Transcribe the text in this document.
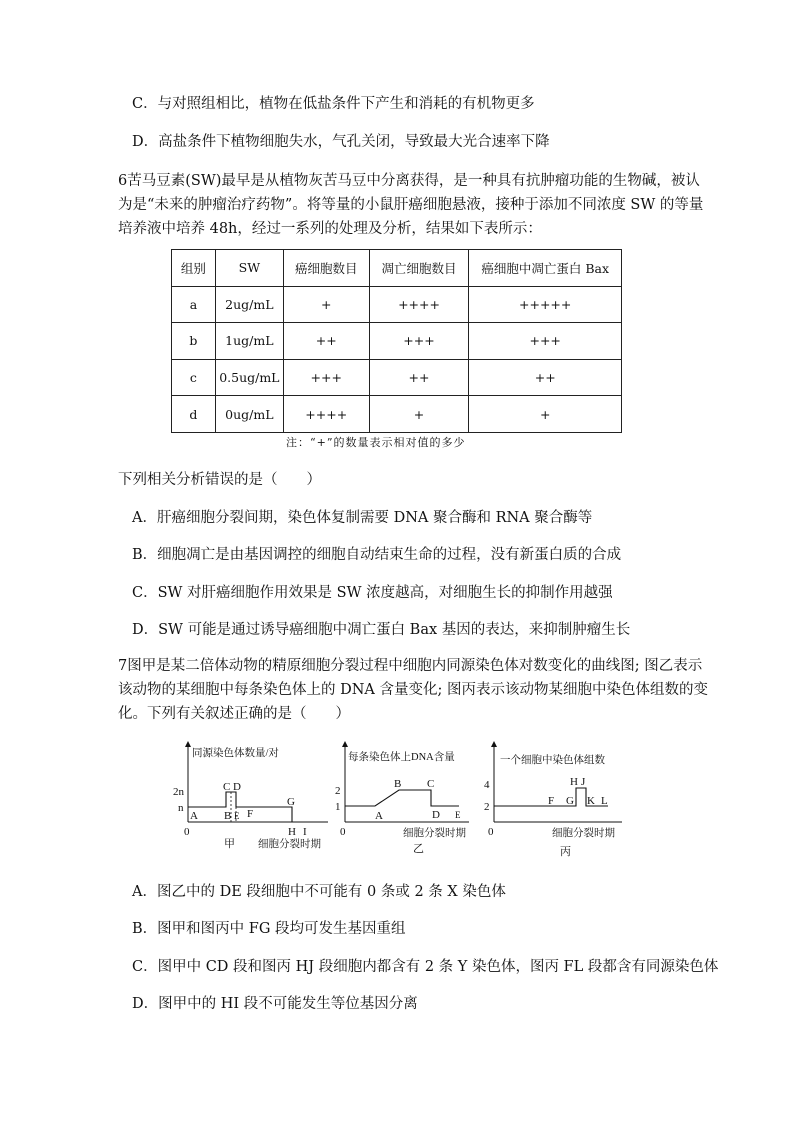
C．与对照组相比，植物在低盐条件下产生和消耗的有机物更多
D．高盐条件下植物细胞失水，气孔关闭，导致最大光合速率下降
6苦马豆素(SW)最早是从植物灰苦马豆中分离获得，是一种具有抗肿瘤功能的生物碱，被认
为是“未来的肿瘤治疗药物”。将等量的小鼠肝癌细胞悬液，接种于添加不同浓度 SW 的等量
培养液中培养 48h，经过一系列的处理及分析，结果如下表所示：
组别	SW	癌细胞数目	凋亡细胞数目	癌细胞中凋亡蛋白 Bax
a	2ug/mL	+	++++	+++++
b	1ug/mL	++	+++	+++
c	0.5ug/mL	+++	++	++
d	0ug/mL	++++	+	+
注：“+”的数量表示相对值的多少
下列相关分析错误的是（　　）
A．肝癌细胞分裂间期，染色体复制需要 DNA 聚合酶和 RNA 聚合酶等
B．细胞凋亡是由基因调控的细胞自动结束生命的过程，没有新蛋白质的合成
C．SW 对肝癌细胞作用效果是 SW 浓度越高，对细胞生长的抑制作用越强
D．SW 可能是通过诱导癌细胞中凋亡蛋白 Bax 基因的表达，来抑制肿瘤生长
7图甲是某二倍体动物的精原细胞分裂过程中细胞内同源染色体对数变化的曲线图; 图乙表示
该动物的某细胞中每条染色体上的 DNA 含量变化; 图丙表示该动物某细胞中染色体组数的变
化。下列有关叙述正确的是（　　）
同源染色体数量/对
2n
n
0
A
C D
B E F
G
H I
甲 细胞分裂时期
每条染色体上DNA含量
2
1
0
A
B C
D E
细胞分裂时期
乙
一个细胞中染色体组数
4
2
0
F G
H J
K L
细胞分裂时期
丙
A．图乙中的 DE 段细胞中不可能有 0 条或 2 条 X 染色体
B．图甲和图丙中 FG 段均可发生基因重组
C．图甲中 CD 段和图丙 HJ 段细胞内都含有 2 条 Y 染色体，图丙 FL 段都含有同源染色体
D．图甲中的 HI 段不可能发生等位基因分离
